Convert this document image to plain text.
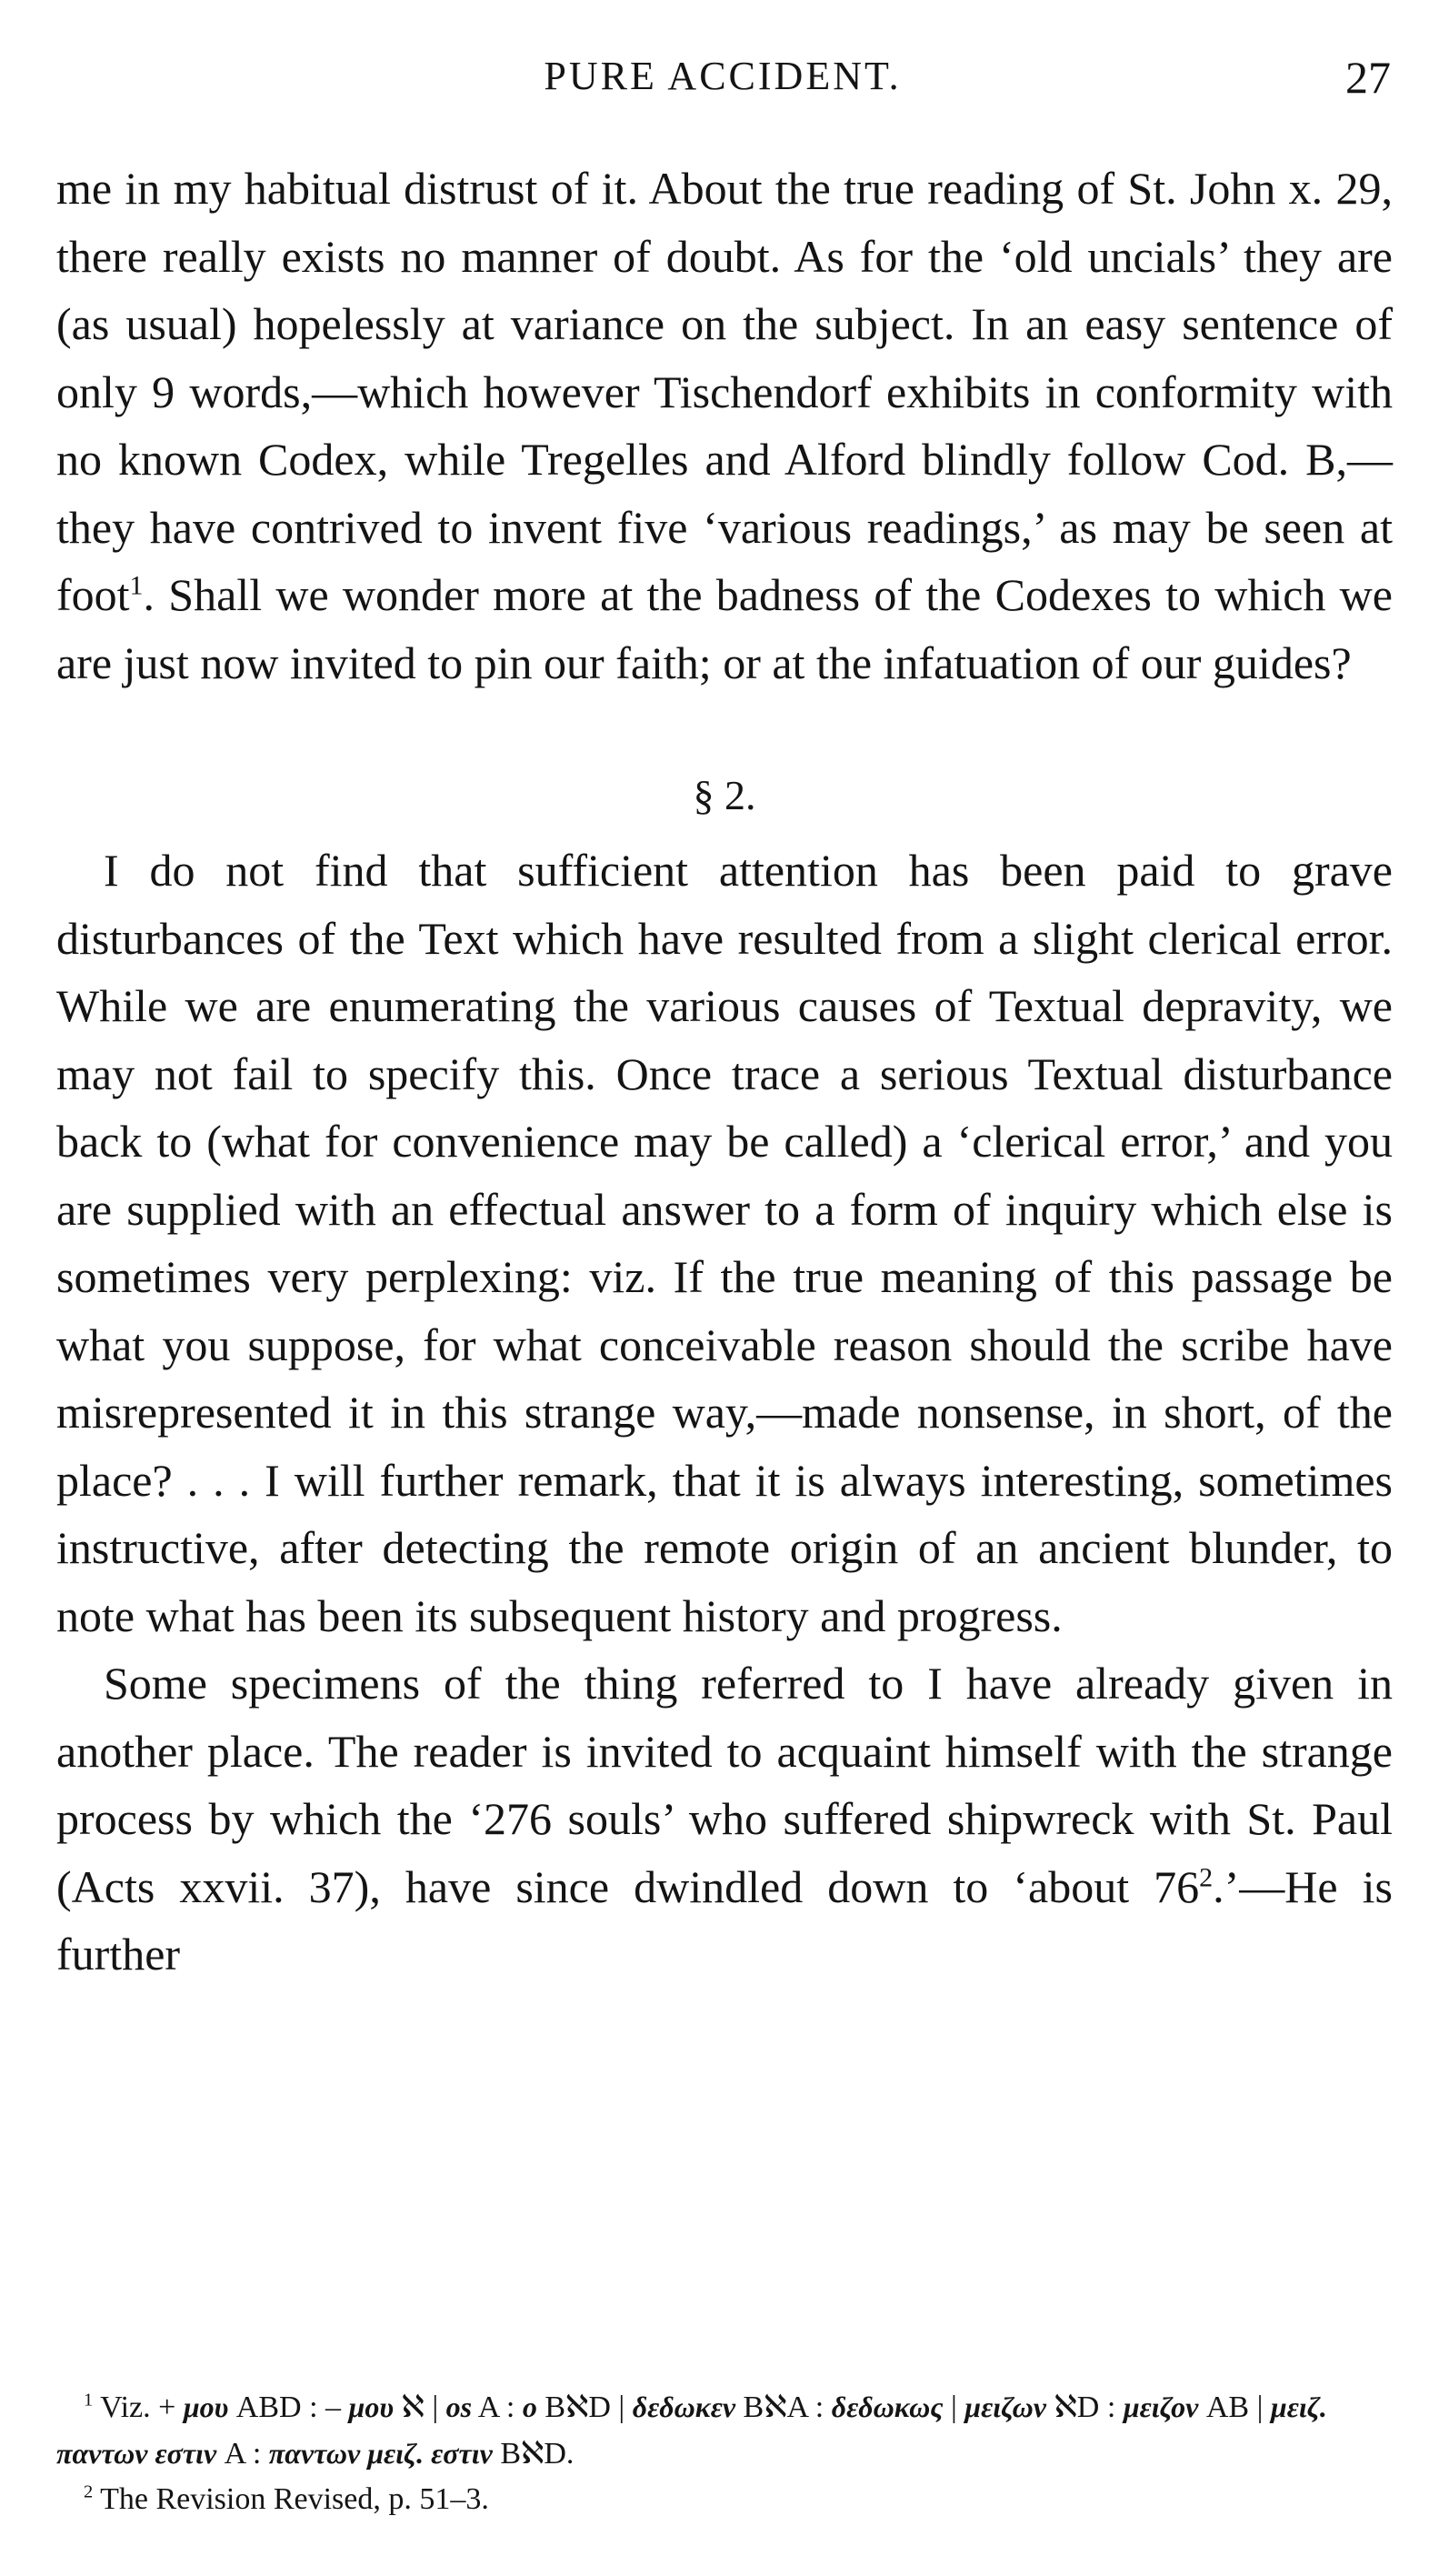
PURE ACCIDENT.	27

me in my habitual distrust of it. About the true reading of St. John x. 29, there really exists no manner of doubt. As for the ‘old uncials’ they are (as usual) hopelessly at variance on the subject. In an easy sentence of only 9 words,—which however Tischendorf exhibits in conformity with no known Codex, while Tregelles and Alford blindly follow Cod. B,—they have contrived to invent five ‘various readings,’ as may be seen at foot$^1$. Shall we wonder more at the badness of the Codexes to which we are just now invited to pin our faith; or at the infatuation of our guides?

§ 2.

I do not find that sufficient attention has been paid to grave disturbances of the Text which have resulted from a slight clerical error. While we are enumerating the various causes of Textual depravity, we may not fail to specify this. Once trace a serious Textual disturbance back to (what for convenience may be called) a ‘clerical error,’ and you are supplied with an effectual answer to a form of inquiry which else is sometimes very perplexing: viz. If the true meaning of this passage be what you suppose, for what conceivable reason should the scribe have misrepresented it in this strange way,—made nonsense, in short, of the place? . . . I will further remark, that it is always interesting, sometimes instructive, after detecting the remote origin of an ancient blunder, to note what has been its subsequent history and progress.

Some specimens of the thing referred to I have already given in another place. The reader is invited to acquaint himself with the strange process by which the ‘276 souls’ who suffered shipwreck with St. Paul (Acts xxvii. 37), have since dwindled down to ‘about $76^2.’—He$ is further

$^1$ Viz. + μου ABD : – μου ℵ | os A : o BℵD | δεδωκεν BℵA : δεδωκως | μειζων ℵD : μειζον AB | μειζ. παντων εστιν A : παντων μειζ. εστιν BℵD.

$^2$ The Revision Revised, p. 51–3.
